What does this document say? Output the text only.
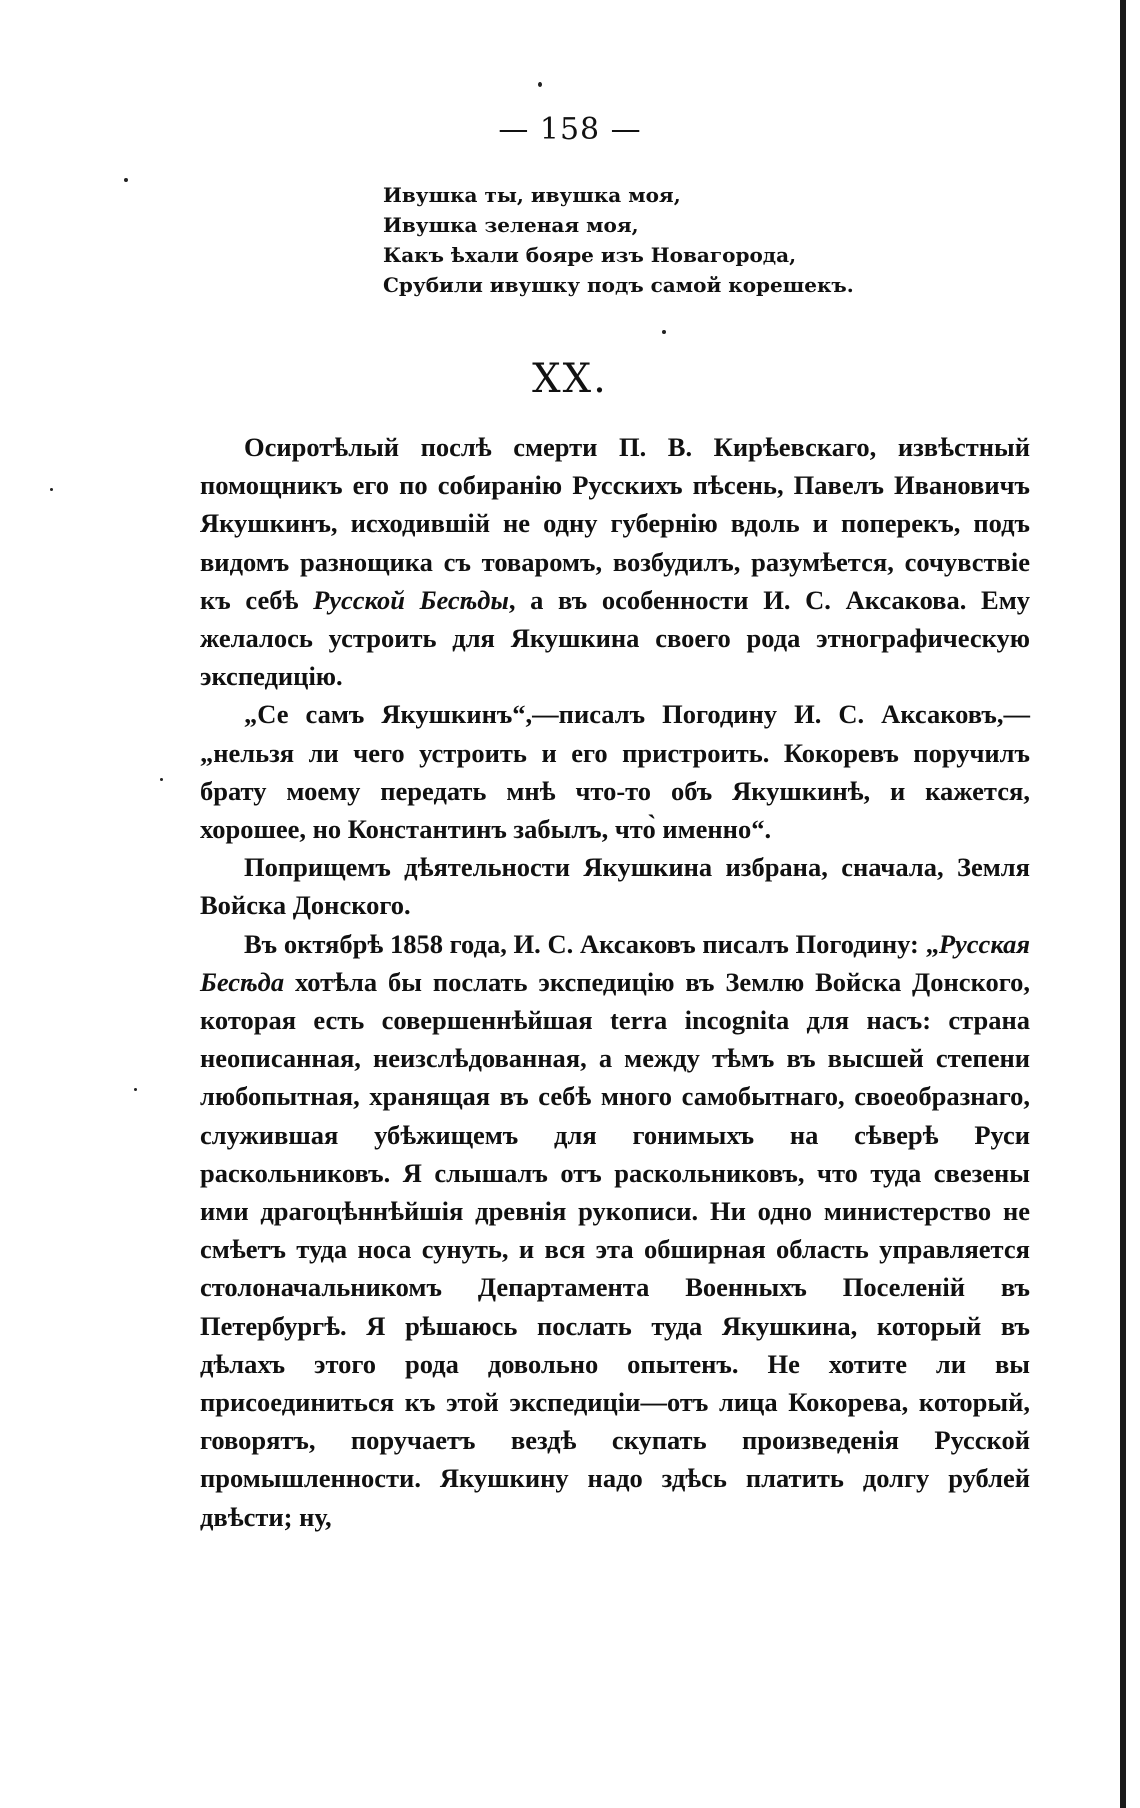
— 158 —
Ивушка ты, ивушка моя,
Ивушка зеленая моя,
Какъ ѣхали бояре изъ Новагорода,
Срубили ивушку подъ самой корешекъ.
XX.

Осиротѣлый послѣ смерти П. В. Кирѣевскаго, извѣстный помощникъ его по собиранію Русскихъ пѣсень, Павелъ Ивановичъ Якушкинъ, исходившій не одну губернію вдоль и поперекъ, подъ видомъ разнощика съ товаромъ, возбудилъ, разумѣется, сочувствіе къ себѣ Русской Бесѣды, а въ особенности И. С. Аксакова. Ему желалось устроить для Якушкина своего рода этнографическую экспедицію.

„Се самъ Якушкинъ“,—писалъ Погодину И. С. Аксаковъ,—„нельзя ли чего устроить и его пристроить. Кокоревъ поручилъ брату моему передать мнѣ что-то объ Якушкинѣ, и кажется, хорошее, но Константинъ забылъ, что̀ именно“.

Поприщемъ дѣятельности Якушкина избрана, сначала, Земля Войска Донского.

Въ октябрѣ 1858 года, И. С. Аксаковъ писалъ Погодину: „Русская Бесѣда хотѣла бы послать экспедицію въ Землю Войска Донского, которая есть совершеннѣйшая terra incognita для насъ: страна неописанная, неизслѣдованная, а между тѣмъ въ высшей степени любопытная, хранящая въ себѣ много самобытнаго, своеобразнаго, служившая убѣжищемъ для гонимыхъ на сѣверѣ Руси раскольниковъ. Я слышалъ отъ раскольниковъ, что туда свезены ими драгоцѣннѣйшія древнія рукописи. Ни одно министерство не смѣетъ туда носа сунуть, и вся эта обширная область управляется столоначальникомъ Департамента Военныхъ Поселеній въ Петербургѣ. Я рѣшаюсь послать туда Якушкина, который въ дѣлахъ этого рода довольно опытенъ. Не хотите ли вы присоединиться къ этой экспедиціи—отъ лица Кокорева, который, говорятъ, поручаетъ вездѣ скупать произведенія Русской промышленности. Якушкину надо здѣсь платить долгу рублей двѣсти; ну,
